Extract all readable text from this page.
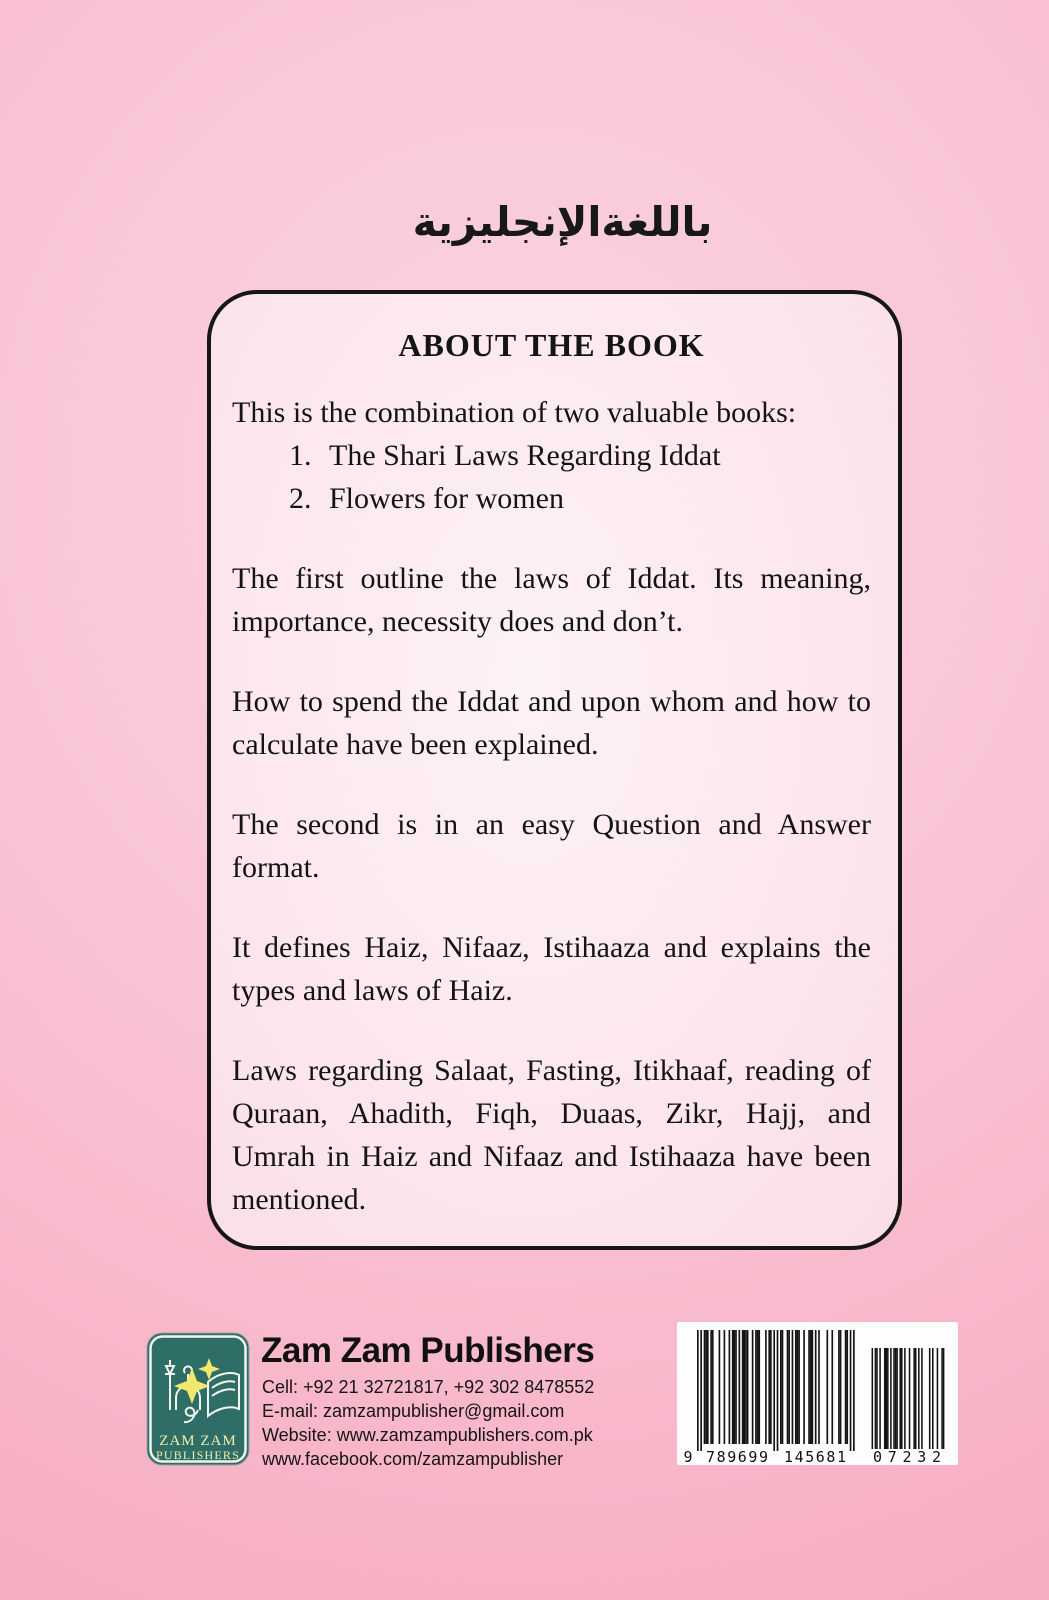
باللغةالإنجليزية
ABOUT THE BOOK

This is the combination of two valuable books:

1. The Shari Laws Regarding Iddat
2. Flowers for women

The first outline the laws of Iddat. Its meaning, importance, necessity does and don’t.

How to spend the Iddat and upon whom and how to calculate have been explained.

The second is in an easy Question and Answer format.

It defines Haiz, Nifaaz, Istihaaza and explains the types and laws of Haiz.

Laws regarding Salaat, Fasting, Itikhaaf, reading of Quraan, Ahadith, Fiqh, Duaas, Zikr, Hajj, and Umrah in Haiz and Nifaaz and Istihaaza have been mentioned.

ZAM ZAM
PUBLISHERS
Zam Zam Publishers
Cell: +92 21 32721817, +92 302 8478552
E-mail: zamzampublisher@gmail.com
Website: www.zamzampublishers.com.pk
www.facebook.com/zamzampublisher	9 789699 145681 07232
